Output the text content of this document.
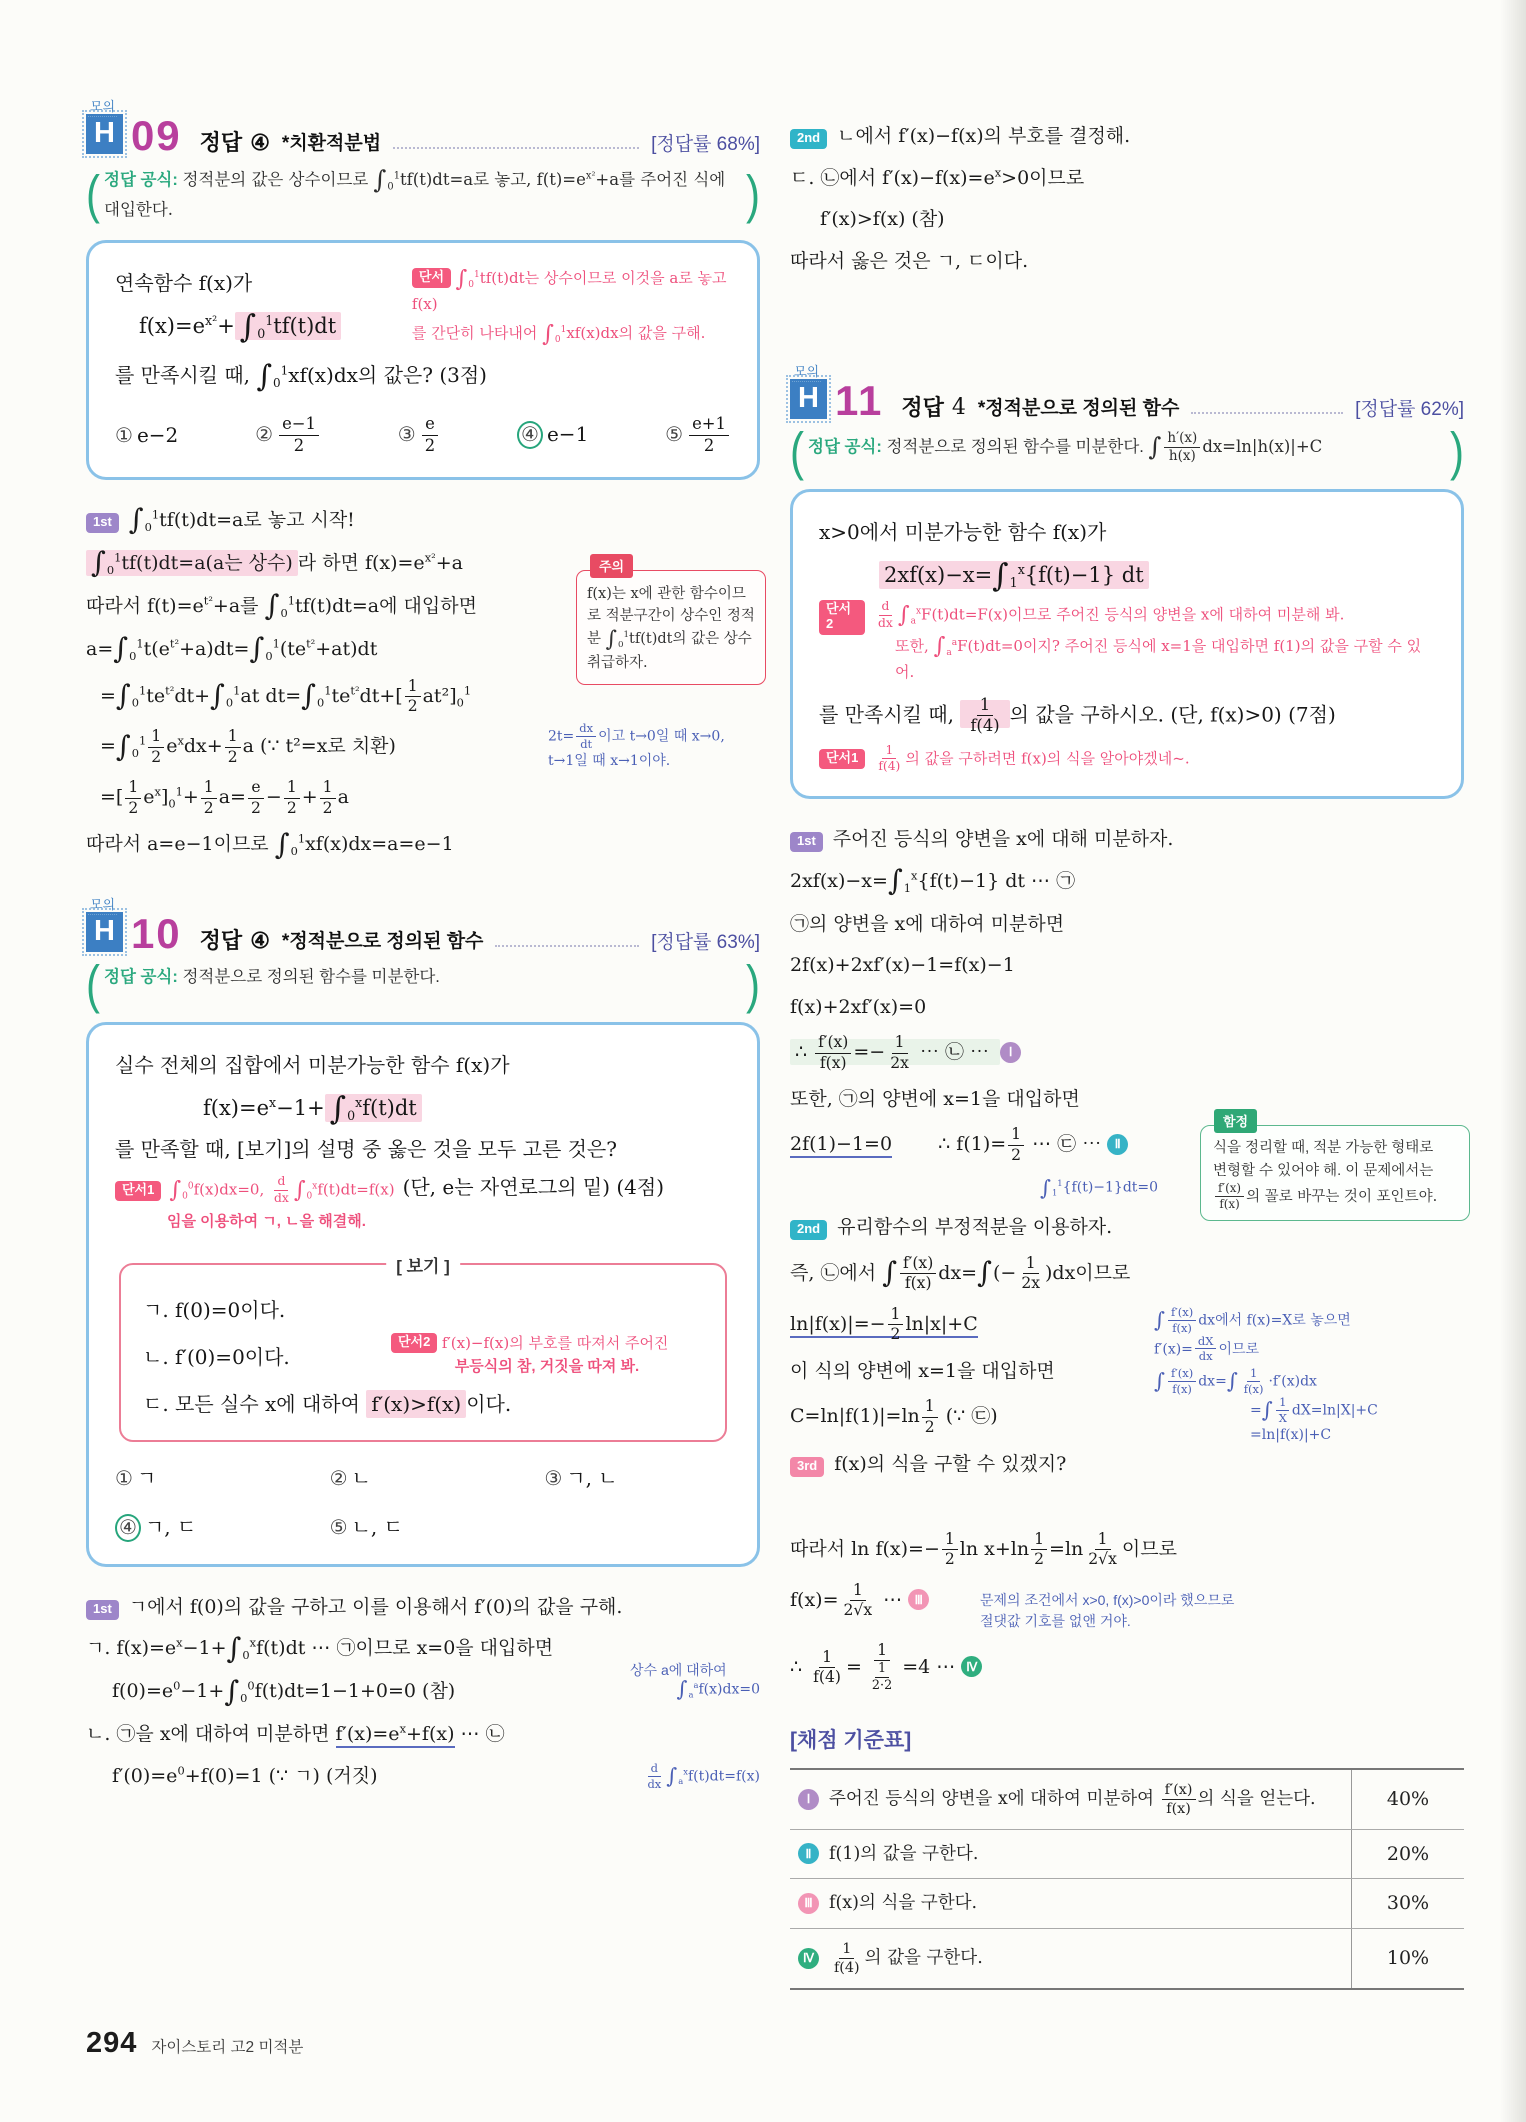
모의
H 09 정답 ④ *치환적분법	[정답률 68%]
( 정답 공식: 정적분의 값은 상수이므로 $\int_0^1tf(t)dt=a$로 놓고, $f(t)=e^{x^2}+a$를 주어진 식에 대입한다.	)
연속함수 f(x)가
$f(x)=e^{x^2}+ \int_0^1tf(t)dt$
단서 $\int_0^1tf(t)dt$는 상수이므로 이것을 a로 놓고 f(x)
를 간단히 나타내어 $\int_0^1xf(x)dx$의 값을 구해.
를 만족시킬 때, $\int_0^1xf(x)dx$의 값은? (3점)
① e−2	② $\frac{e-1}{2}$	③ $\frac{e}{2}$	④ e−1	⑤ $\frac{e+1}{2}$
주의
f(x)는 x에 관한 함수이므로 적분구간이 상수인 정적분 $\int_0^1tf(t)dt$의 값은 상수 취급하자.
1st $\int_0^1tf(t)dt=a$로 놓고 시작!
$\int_0^1tf(t)dt=a(a$는 상수) 라 하면 $f(x)=e^{x^2}+a$
따라서 $f(t)=e^{t^2}+a$를 $\int_0^1tf(t)dt=a$에 대입하면
$a=\int_0^1t(e^{t^2}+a)dt=\int_0^1(te^{t^2}+at)dt$
$=\int_0^1te^{t^2}dt+\int_0^1at$ $dt=\int_0^1te^{t^2}dt+[ \frac{1}{2} at^2]_0^1$
$=\int_0^1 \frac{1}{2} e^xdx+ \frac{1}{2}$ a (∵ t²=x로 치환)	$2t= \frac{dx}{dt}$ 이고 t→0일 때 x→0,
t→1일 때 x→1이야.
=[ $\frac{1}{2} e^x]_0^1+ \frac{1}{2} a= \frac{e}{2} - \frac{1}{2} + \frac{1}{2}$ a
따라서 a=e−1이므로 $\int_0^1xf(x)dx=a=e-1$
모의
H 10 정답 ④ *정적분으로 정의된 함수	[정답률 63%]
( 정답 공식: 정적분으로 정의된 함수를 미분한다.	)
실수 전체의 집합에서 미분가능한 함수 f(x)가
$f(x)=e^x-1+ \int_0^xf(t)dt$
를 만족할 때, [보기]의 설명 중 옳은 것을 모두 고른 것은?
단서1 $\int_0^0f(x)dx=0$, $\frac{d}{dx} \int_0^xf(t)dt=f(x)$ (단, e는 자연로그의 밑) (4점)
임을 이용하여 ㄱ, ㄴ을 해결해.
[ 보기 ]
ㄱ. f(0)=0이다.
ㄴ. f′(0)=0이다.
단서2 f′(x)−f(x)의 부호를 따져서 주어진
부등식의 참, 거짓을 따져 봐.
ㄷ. 모든 실수 x에 대하여 f′(x)>f(x) 이다.
① ㄱ	② ㄴ	③ ㄱ, ㄴ
④ ㄱ, ㄷ	⑤ ㄴ, ㄷ
1st ㄱ에서 f(0)의 값을 구하고 이를 이용해서 f′(0)의 값을 구해.
ㄱ. $f(x)=e^x-1+\int_0^xf(t)dt$ ⋯ ㉠이므로 x=0을 대입하면
상수 a에 대하여
$f(0)=e^0-1+\int_0^0f(t)dt=1-1+0=0$ (참)	$\int_a^af(x)dx=0$
ㄴ. ㉠을 x에 대하여 미분하면 $f'(x)=e^x+f(x)$ ⋯ ㉡
$f'(0)=e^0+f(0)=1$ (∵ ㄱ) (거짓)	$\frac{d}{dx} \int_a^xf(t)dt=f(x)$
2nd ㄴ에서 f′(x)−f(x)의 부호를 결정해.
ㄷ. ㉡에서 $f'(x)-f(x)=e^x>0$이므로
f′(x)>f(x) (참)
따라서 옳은 것은 ㄱ, ㄷ이다.
모의
H 11 정답 4 *정적분으로 정의된 함수	[정답률 62%]
( 정답 공식: 정적분으로 정의된 함수를 미분한다. ∫ $\frac{h'(x)}{h(x)} dx=\ln|h(x)|+C$	)
x>0에서 미분가능한 함수 f(x)가
$2xf(x)-x=\int_1^x\{f(t)-1\}$ dt
단서2	$\frac{d}{dx} \int_a^xF(t)dt=F(x)$이므로 주어진 등식의 양변을 x에 대하여 미분해 봐.
또한, $\int_a^aF(t)dt=0$이지? 주어진 등식에 x=1을 대입하면 f(1)의 값을 구할 수 있어.
를 만족시킬 때, $\frac{1}{f(4)}$ 의 값을 구하시오. (단, f(x)>0) (7점)
단서1	$\frac{1}{f(4)}$ 의 값을 구하려면 f(x)의 식을 알아야겠네~.
1st 주어진 등식의 양변을 x에 대해 미분하자.
$2xf(x)-x=\int_1^x\{f(t)-1\}$ dt ⋯ ㉠
㉠의 양변을 x에 대하여 미분하면
함정
식을 정리할 때, 적분 가능한 형태로
변형할 수 있어야 해. 이 문제에서는
$\frac{f'(x)}{f(x)}$ 의 꼴로 바꾸는 것이 포인트야.
2f(x)+2xf′(x)−1=f(x)−1
f(x)+2xf′(x)=0
∴ $\frac{f'(x)}{f(x)} =- \frac{1}{2x}$ ⋯ ㉡ ⋯ Ⅰ
또한, ㉠의 양변에 x=1을 대입하면
2f(1)−1=0 ∴ $f(1)= \frac{1}{2}$ ⋯ ㉢ ⋯ Ⅱ
$\int_1^1\{f(t)-1\}dt=0$
2nd 유리함수의 부정적분을 이용하자.
즉, ㉡에서 ∫ $\frac{f'(x)}{f(x)} dx=\int(- \frac{1}{2x} )dx$이므로
∫ $\frac{f'(x)}{f(x)}$ dx에서 f(x)=X로 놓으면
$f'(x)= \frac{dX}{dx}$ 이므로
∫ $\frac{f'(x)}{f(x)} dx=\int \frac{1}{f(x)} \cdot f'(x)dx$
=∫ $\frac{1}{X} dX=\ln|X|+C$
=ln|f(x)|+C
$\ln|f(x)|=- \frac{1}{2} \ln|x|+C$
이 식의 양변에 x=1을 대입하면
$C=\ln|f(1)|=\ln \frac{1}{2}$ (∵ ㉢)
3rd f(x)의 식을 구할 수 있겠지?
따라서 $\ln f(x)=- \frac{1}{2}$ $\ln x+\ln \frac{1}{2} =\ln \frac{1}{2√x}$ 이므로
$f(x)= \frac{1}{2√x}$ ⋯ Ⅲ	문제의 조건에서 x>0, f(x)>0이라 했으므로
절댓값 기호를 없앤 거야.
∴ $\frac{1}{f(4)} = \frac{1}{\frac{1}{2\cdot 2}} =4$ ⋯ Ⅳ
[채점 기준표]
Ⅰ	주어진 등식의 양변을 x에 대하여 미분하여 $\frac{f'(x)}{f(x)}$ 의 식을 얻는다.	40%
Ⅱ	f(1)의 값을 구한다.	20%
Ⅲ f(x)의 식을 구한다.	30%
Ⅳ	$\frac{1}{f(4)}$ 의 값을 구한다.	10%
294 자이스토리 고2 미적분
